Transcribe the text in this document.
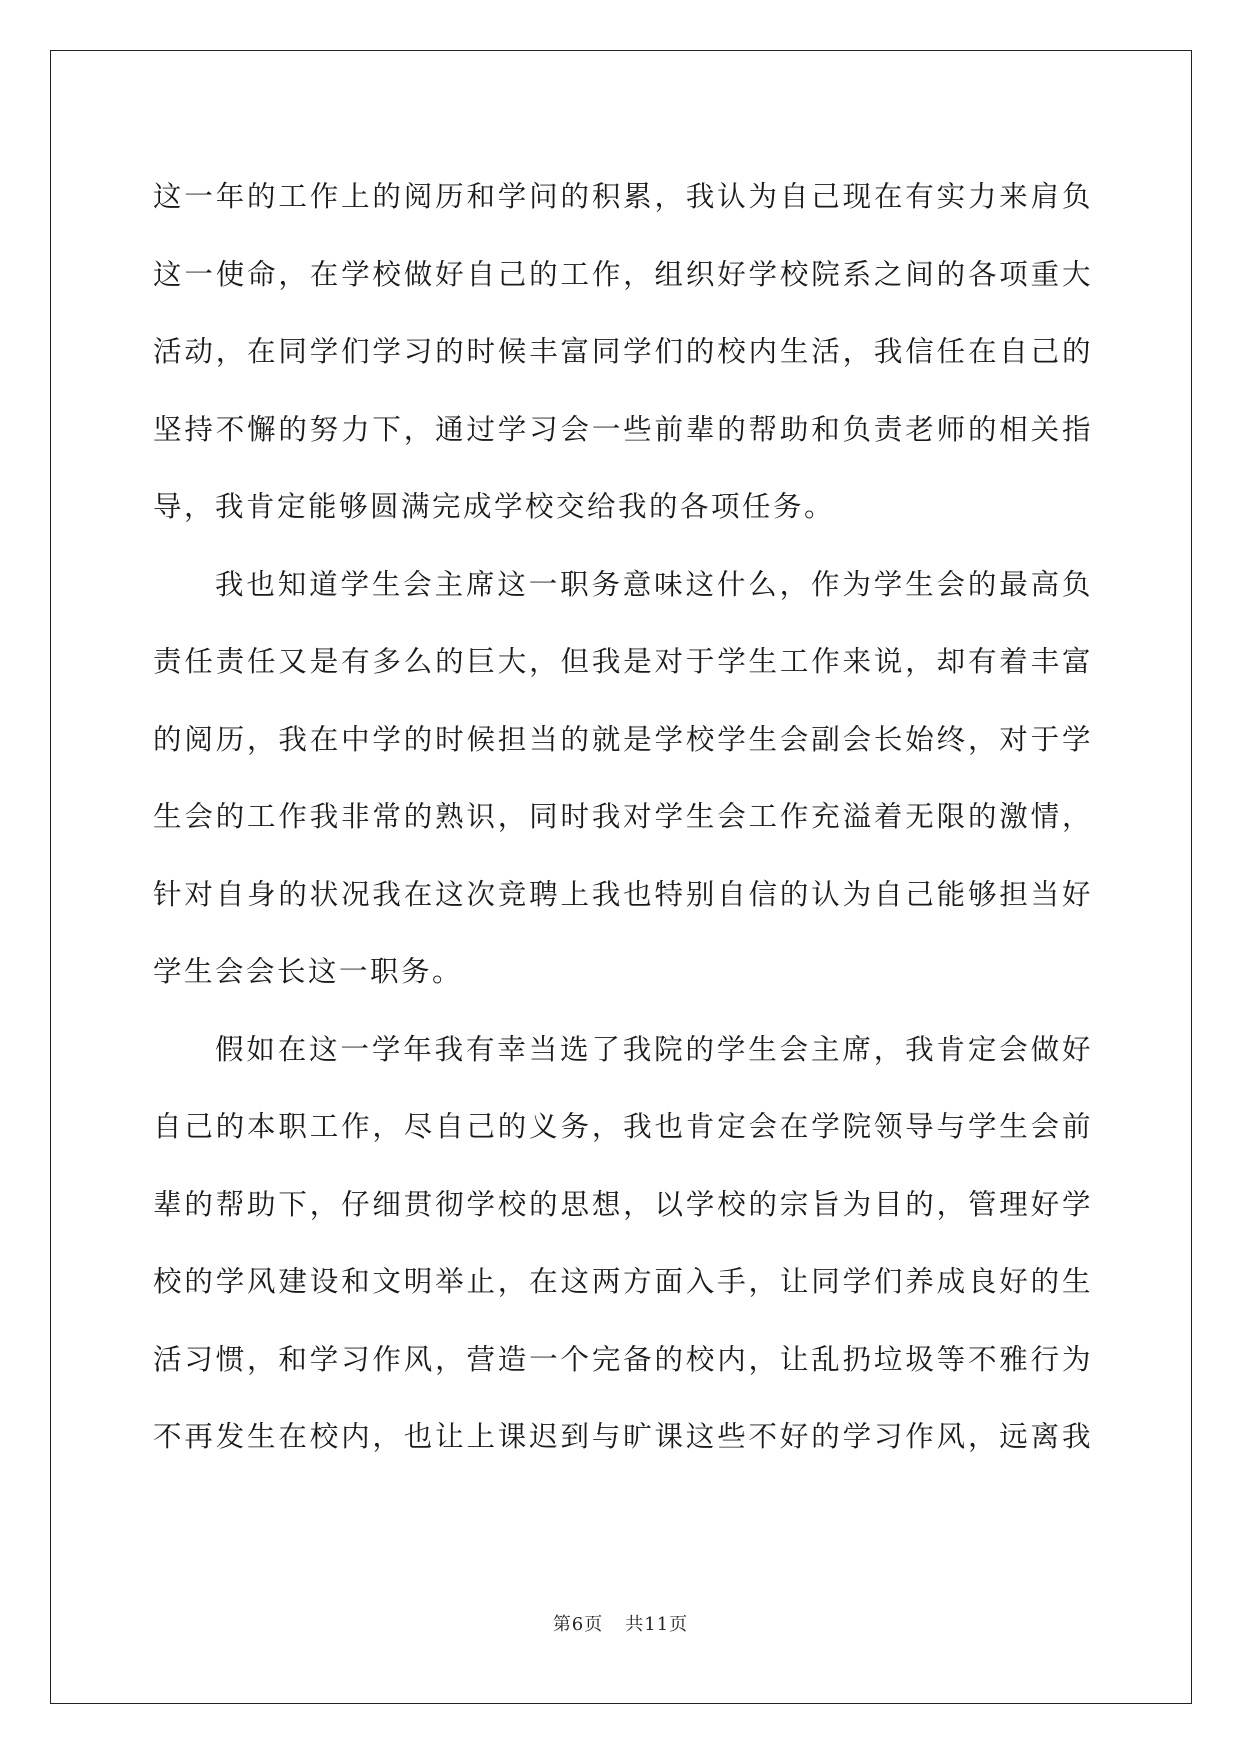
这一年的工作上的阅历和学问的积累，我认为自己现在有实力来肩负
这一使命，在学校做好自己的工作，组织好学校院系之间的各项重大
活动，在同学们学习的时候丰富同学们的校内生活，我信任在自己的
坚持不懈的努力下，通过学习会一些前辈的帮助和负责老师的相关指
导，我肯定能够圆满完成学校交给我的各项任务。
我也知道学生会主席这一职务意味这什么，作为学生会的最高负
责任责任又是有多么的巨大，但我是对于学生工作来说，却有着丰富
的阅历，我在中学的时候担当的就是学校学生会副会长始终，对于学
生会的工作我非常的熟识，同时我对学生会工作充溢着无限的激情，
针对自身的状况我在这次竞聘上我也特别自信的认为自己能够担当好
学生会会长这一职务。
假如在这一学年我有幸当选了我院的学生会主席，我肯定会做好
自己的本职工作，尽自己的义务，我也肯定会在学院领导与学生会前
辈的帮助下，仔细贯彻学校的思想，以学校的宗旨为目的，管理好学
校的学风建设和文明举止，在这两方面入手，让同学们养成良好的生
活习惯，和学习作风，营造一个完备的校内，让乱扔垃圾等不雅行为
不再发生在校内，也让上课迟到与旷课这些不好的学习作风，远离我
第6页 共11页
